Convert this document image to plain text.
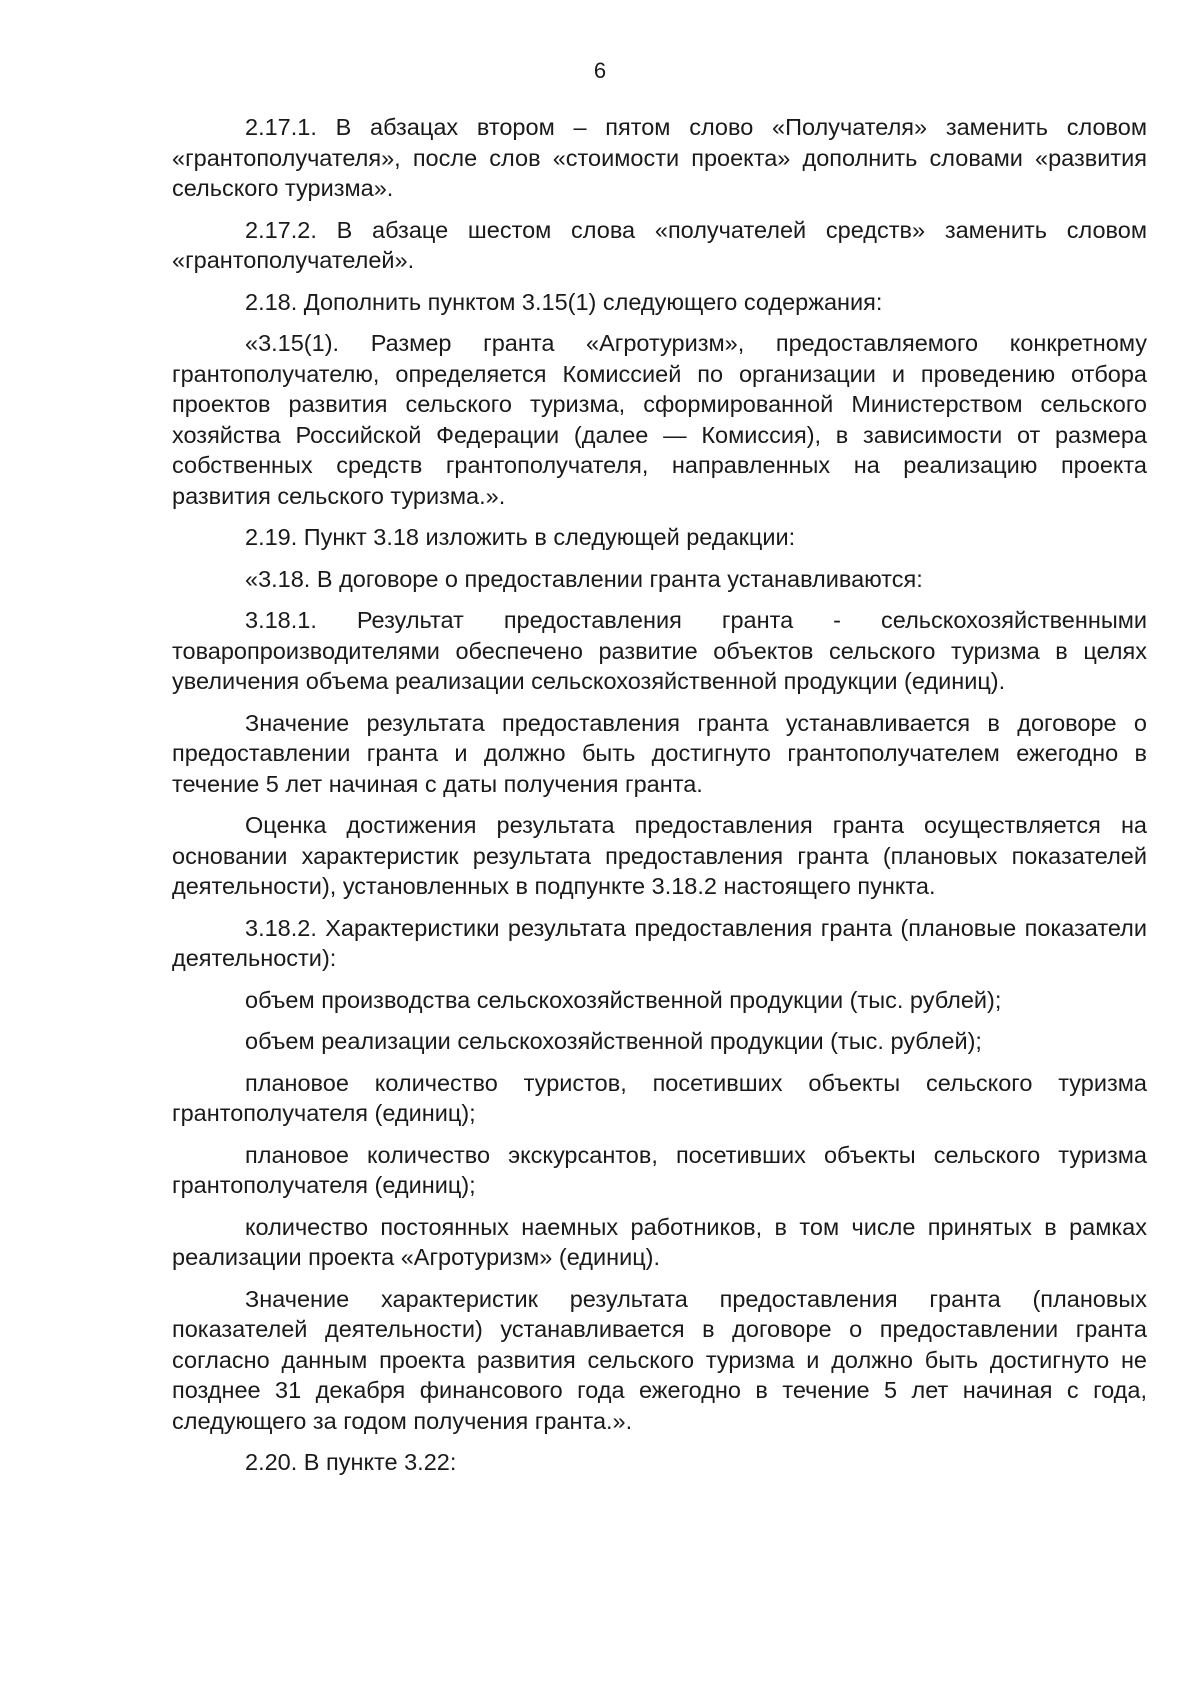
6

2.17.1. В абзацах втором – пятом слово «Получателя» заменить словом «грантополучателя», после слов «стоимости проекта» дополнить словами «развития сельского туризма».

2.17.2. В абзаце шестом слова «получателей средств» заменить словом «грантополучателей».

2.18. Дополнить пунктом 3.15(1) следующего содержания:

«3.15(1). Размер гранта «Агротуризм», предоставляемого конкретному грантополучателю, определяется Комиссией по организации и проведению отбора проектов развития сельского туризма, сформированной Министерством сельского хозяйства Российской Федерации (далее — Комиссия), в зависимости от размера собственных средств грантополучателя, направленных на реализацию проекта развития сельского туризма.».

2.19. Пункт 3.18 изложить в следующей редакции:

«3.18. В договоре о предоставлении гранта устанавливаются:

3.18.1. Результат предоставления гранта - сельскохозяйственными товаропроизводителями обеспечено развитие объектов сельского туризма в целях увеличения объема реализации сельскохозяйственной продукции (единиц).

Значение результата предоставления гранта устанавливается в договоре о предоставлении гранта и должно быть достигнуто грантополучателем ежегодно в течение 5 лет начиная с даты получения гранта.

Оценка достижения результата предоставления гранта осуществляется на основании характеристик результата предоставления гранта (плановых показателей деятельности), установленных в подпункте 3.18.2 настоящего пункта.

3.18.2. Характеристики результата предоставления гранта (плановые показатели деятельности):

объем производства сельскохозяйственной продукции (тыс. рублей);

объем реализации сельскохозяйственной продукции (тыс. рублей);

плановое количество туристов, посетивших объекты сельского туризма грантополучателя (единиц);

плановое количество экскурсантов, посетивших объекты сельского туризма грантополучателя (единиц);

количество постоянных наемных работников, в том числе принятых в рамках реализации проекта «Агротуризм» (единиц).

Значение характеристик результата предоставления гранта (плановых показателей деятельности) устанавливается в договоре о предоставлении гранта согласно данным проекта развития сельского туризма и должно быть достигнуто не позднее 31 декабря финансового года ежегодно в течение 5 лет начиная с года, следующего за годом получения гранта.».

2.20. В пункте 3.22:
